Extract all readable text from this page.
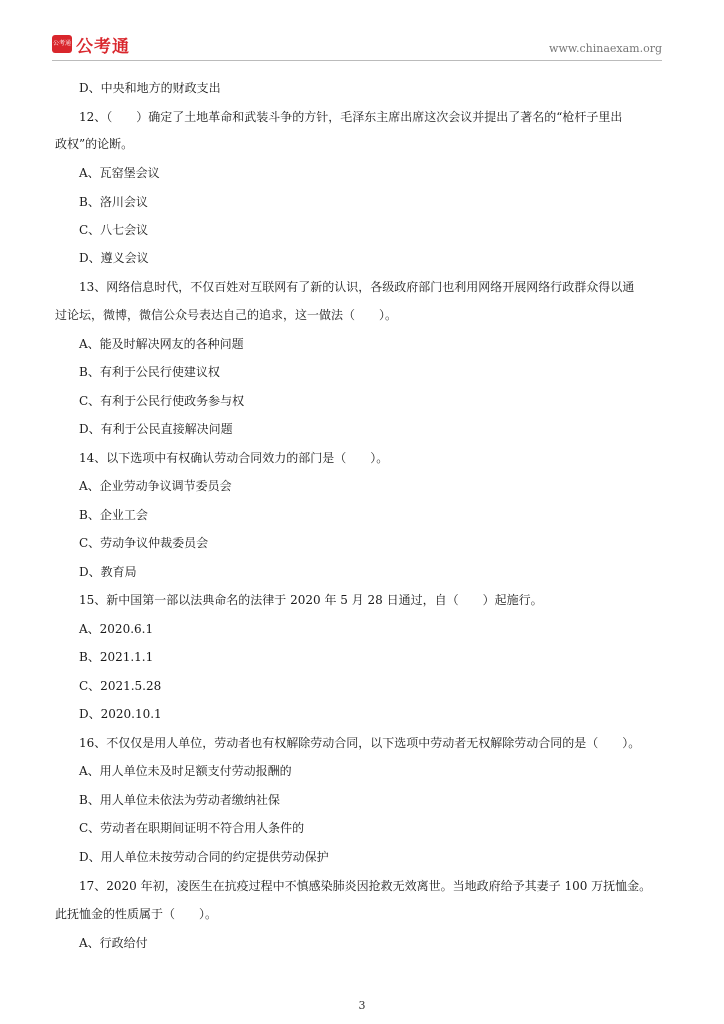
公考通 公考通	www.chinaexam.org
D、中央和地方的财政支出
12、（　　）确定了土地革命和武装斗争的方针，毛泽东主席出席这次会议并提出了著名的“枪杆子里出
政权”的论断。
A、瓦窑堡会议
B、洛川会议
C、八七会议
D、遵义会议
13、网络信息时代，不仅百姓对互联网有了新的认识，各级政府部门也利用网络开展网络行政群众得以通
过论坛，微博，微信公众号表达自己的追求，这一做法（　　）。
A、能及时解决网友的各种问题
B、有利于公民行使建议权
C、有利于公民行使政务参与权
D、有利于公民直接解决问题
14、以下选项中有权确认劳动合同效力的部门是（　　）。
A、企业劳动争议调节委员会
B、企业工会
C、劳动争议仲裁委员会
D、教育局
15、新中国第一部以法典命名的法律于 2020 年 5 月 28 日通过，自（　　）起施行。
A、2020.6.1
B、2021.1.1
C、2021.5.28
D、2020.10.1
16、不仅仅是用人单位，劳动者也有权解除劳动合同，以下选项中劳动者无权解除劳动合同的是（　　）。
A、用人单位未及时足额支付劳动报酬的
B、用人单位未依法为劳动者缴纳社保
C、劳动者在职期间证明不符合用人条件的
D、用人单位未按劳动合同的约定提供劳动保护
17、2020 年初，凌医生在抗疫过程中不慎感染肺炎因抢救无效离世。当地政府给予其妻子 100 万抚恤金。
此抚恤金的性质属于（　　）。
A、行政给付
3
